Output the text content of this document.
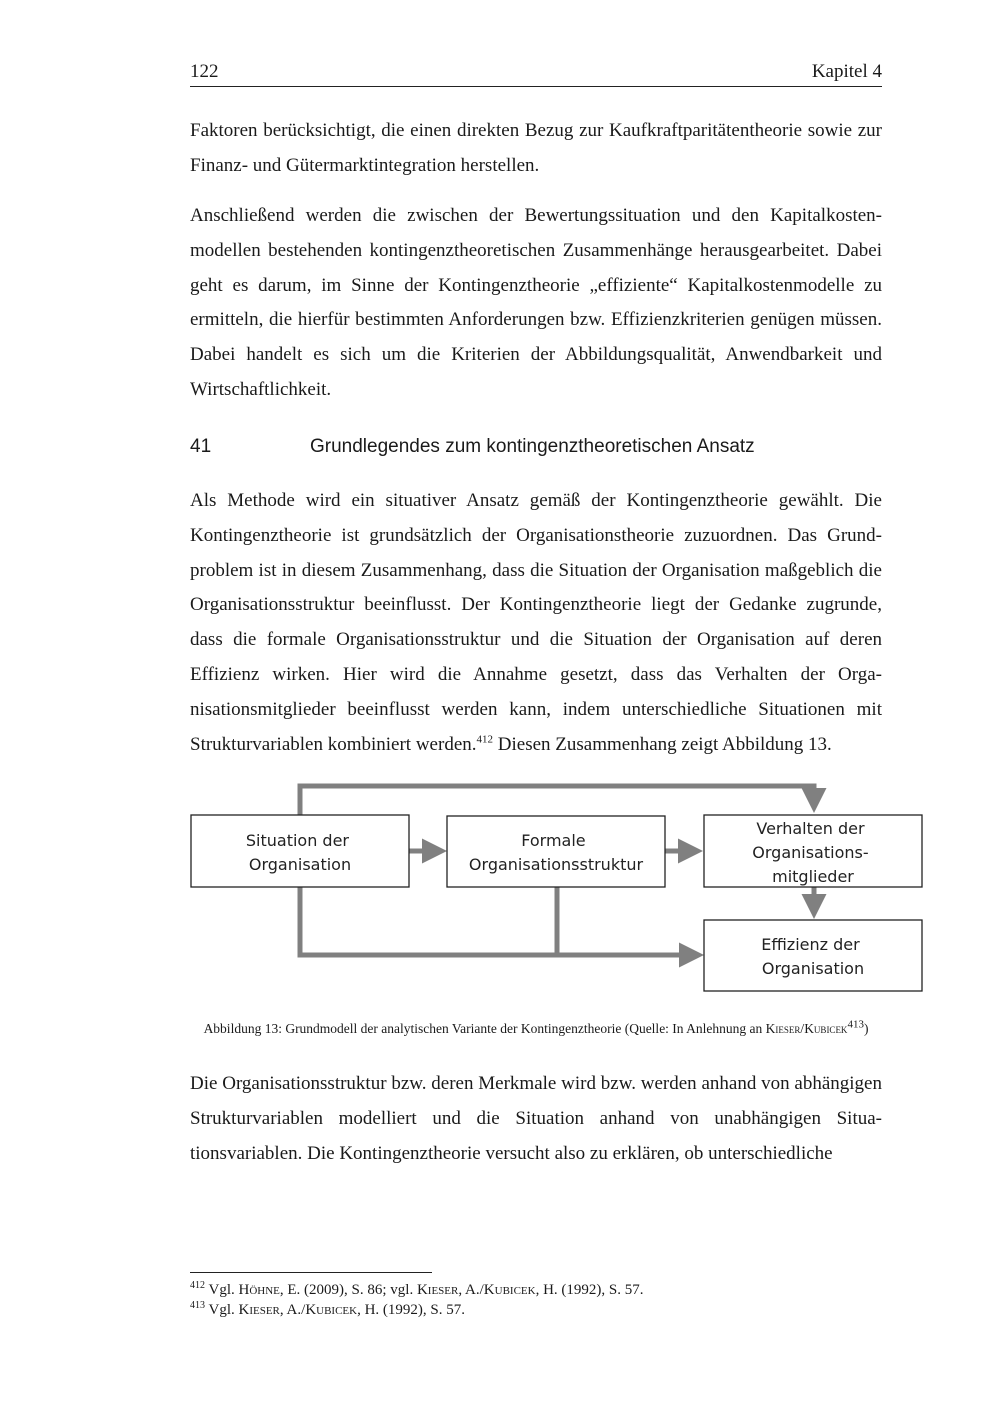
122	Kapitel 4

Faktoren berücksichtigt, die einen direkten Bezug zur Kaufkraftparitätentheorie sowie zur Finanz- und Gütermarktintegration herstellen.

Anschließend werden die zwischen der Bewertungssituation und den Kapitalkostenmodellen bestehenden kontingenztheoretischen Zusammenhänge herausgearbeitet. Dabei geht es darum, im Sinne der Kontingenztheorie „effiziente“ Kapitalkostenmodelle zu ermitteln, die hierfür bestimmten Anforderungen bzw. Effizienzkriterien genügen müssen. Dabei handelt es sich um die Kriterien der Abbildungsqualität, Anwendbarkeit und Wirtschaftlichkeit.

41	Grundlegendes zum kontingenztheoretischen Ansatz

Als Methode wird ein situativer Ansatz gemäß der Kontingenztheorie gewählt. Die Kontingenztheorie ist grundsätzlich der Organisationstheorie zuzuordnen. Das Grundproblem ist in diesem Zusammenhang, dass die Situation der Organisation maßgeblich die Organisationsstruktur beeinflusst. Der Kontingenztheorie liegt der Gedanke zugrunde, dass die formale Organisationsstruktur und die Situation der Organisation auf deren Effizienz wirken. Hier wird die Annahme gesetzt, dass das Verhalten der Organisationsmitglieder beeinflusst werden kann, indem unterschiedliche Situationen mit Strukturvariablen kombiniert werden.$^{412}$ Diesen Zusammenhang zeigt Abbildung 13.

Situation der Organisation
Formale Organisationsstruktur
Verhalten der Organisations- mitglieder
Effizienz der Organisation
Abbildung 13: Grundmodell der analytischen Variante der Kontingenztheorie (Quelle: In Anlehnung an Kieser/Kubicek$^{413}$)

Die Organisationsstruktur bzw. deren Merkmale wird bzw. werden anhand von abhängigen Strukturvariablen modelliert und die Situation anhand von unabhängigen Situationsvariablen. Die Kontingenztheorie versucht also zu erklären, ob unterschiedliche

$^{412}$ Vgl. Höhne, E. (2009), S. 86; vgl. Kieser, A./Kubicek, H. (1992), S. 57.
$^{413}$ Vgl. Kieser, A./Kubicek, H. (1992), S. 57.
